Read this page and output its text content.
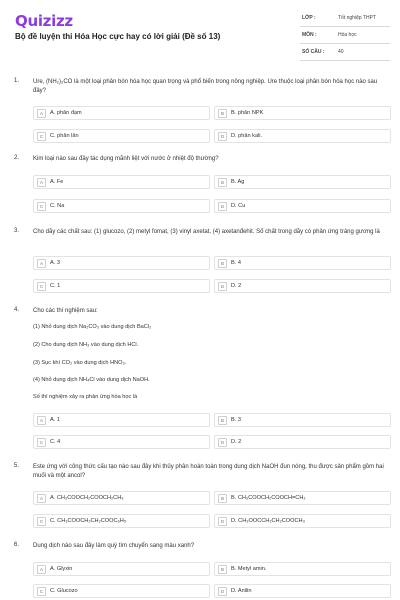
Quizizz
Bộ đề luyện thi Hóa Học cực hay có lời giải (Đề số 13)
LỚP :	Tốt nghiệp THPT
MÔN :	Hóa học
SỐ CÂU :	40
1. Ure, (NH₂)₂CO là một loại phân bón hóa học quan trọng và phổ biến trong nông nghiệp. Ure thuộc loại phân bón hóa học nào sau đây?
A	A. phân đạm	B	B. phân NPK
C	C. phân lân	D	D. phân kali.
2. Kim loại nào sau đây tác dụng mãnh liệt với nước ở nhiệt độ thường?
A	A. Fe	B	B. Ag
C	C. Na	D	D. Cu
3. Cho dãy các chất sau: (1) glucozo, (2) metyl fomat, (3) vinyl axetat, (4) axetanđehit. Số chất trong dãy có phản ứng tráng gương là
A	A. 3	B	B. 4
C	C. 1	D	D. 2
4. Cho các thí nghiệm sau:
(1) Nhỏ dung dịch Na₂CO₃ vào dung dịch BaCl₂
(2) Cho dung dịch NH₃ vào dung dịch HCl.
(3) Sục khí CO₂ vào dung dịch HNO₃.
(4) Nhỏ dung dịch NH₄Cl vào dung dịch NaOH.
Số thí nghiệm xảy ra phản ứng hóa học là
A	A. 1	B	B. 3
C	C. 4	D	D. 2
5. Este ứng với công thức cấu tạo nào sau đây khi thủy phân hoàn toàn trong dung dịch NaOH đun nóng, thu được sản phẩm gồm hai muối và một ancol?
A	A. CH₃COOCH₂COOCH₂CH₃	B	B. CH₃COOCH₂COOCH=CH₂
C	C. CH₃COOCH₂CH₂COOC₆H₅	D	D. CH₃OOCCH₂CH₂COOCH₃
6. Dung dịch nào sau đây làm quỳ tím chuyển sang màu xanh?
A	A. Glyxin	B	B. Metyl amin.
C	C. Glucozo	D	D. Anilin
